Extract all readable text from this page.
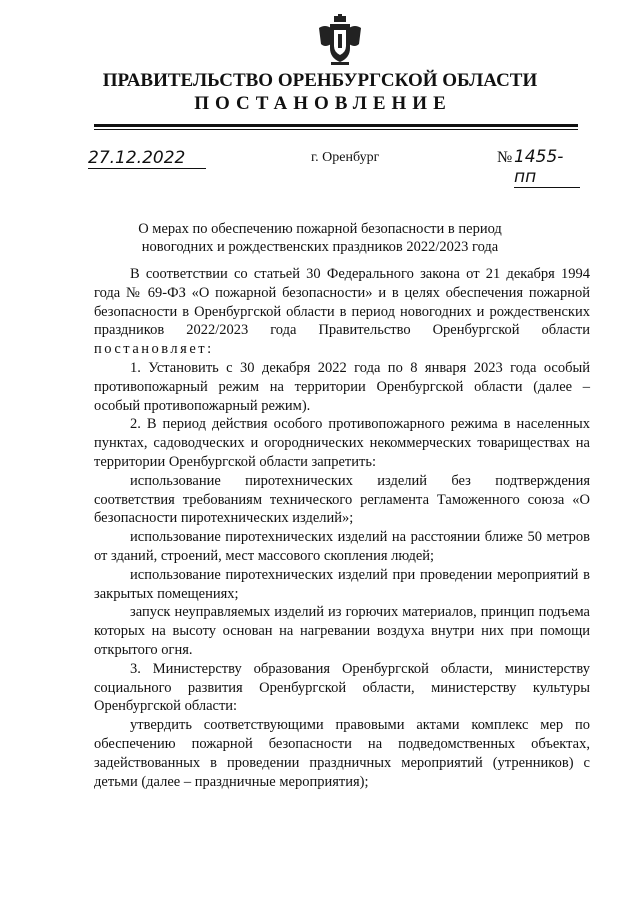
ПРАВИТЕЛЬСТВО ОРЕНБУРГСКОЙ ОБЛАСТИ
ПОСТАНОВЛЕНИЕ
27.12.2022	г. Оренбург	№ 1455-пп
О мерах по обеспечению пожарной безопасности в период
новогодних и рождественских праздников 2022/2023 года

В соответствии со статьей 30 Федерального закона от 21 декабря 1994 года № 69-ФЗ «О пожарной безопасности» и в целях обеспечения пожарной безопасности в Оренбургской области в период новогодних и рождественских праздников 2022/2023 года Правительство Оренбургской области постановляет:

1. Установить с 30 декабря 2022 года по 8 января 2023 года особый противопожарный режим на территории Оренбургской области (далее – особый противопожарный режим).

2. В период действия особого противопожарного режима в населенных пунктах, садоводческих и огороднических некоммерческих товариществах на территории Оренбургской области запретить:

использование пиротехнических изделий без подтверждения соответствия требованиям технического регламента Таможенного союза «О безопасности пиротехнических изделий»;

использование пиротехнических изделий на расстоянии ближе 50 метров от зданий, строений, мест массового скопления людей;

использование пиротехнических изделий при проведении мероприятий в закрытых помещениях;

запуск неуправляемых изделий из горючих материалов, принцип подъема которых на высоту основан на нагревании воздуха внутри них при помощи открытого огня.

3. Министерству образования Оренбургской области, министерству социального развития Оренбургской области, министерству культуры Оренбургской области:

утвердить соответствующими правовыми актами комплекс мер по обеспечению пожарной безопасности на подведомственных объектах, задействованных в проведении праздничных мероприятий (утренников) с детьми (далее – праздничные мероприятия);
